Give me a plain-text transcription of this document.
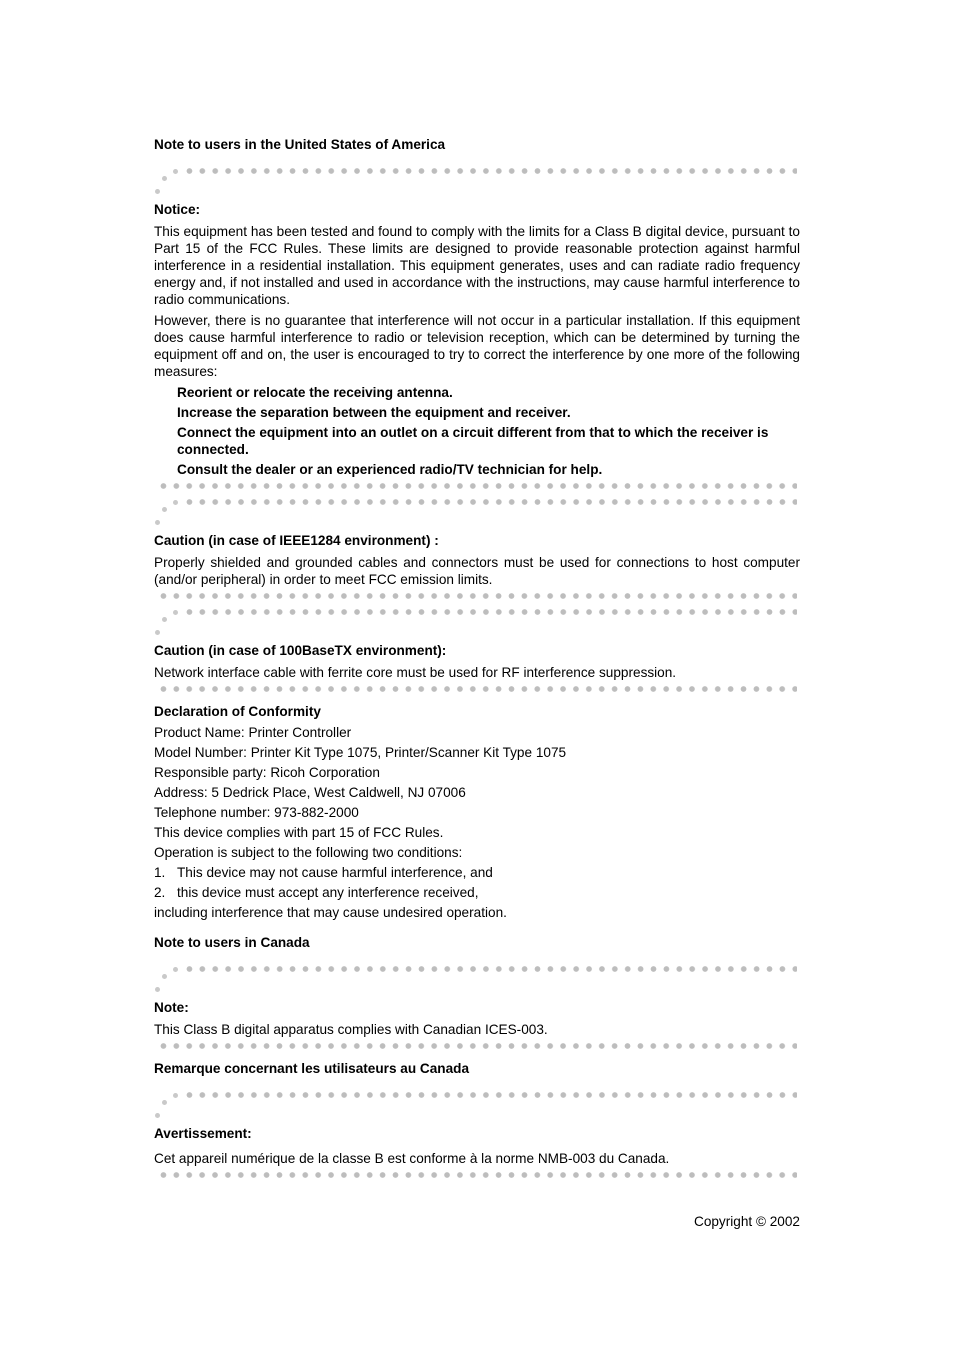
Note to users in the United States of America
Notice:

This equipment has been tested and found to comply with the limits for a Class B digital device, pursuant to Part 15 of the FCC Rules. These limits are designed to provide reasonable protection against harmful interference in a residential installation. This equipment generates, uses and can radiate radio frequency energy and, if not installed and used in accordance with the instructions, may cause harmful interference to radio communications.

However, there is no guarantee that interference will not occur in a particular installation. If this equipment does cause harmful interference to radio or television reception, which can be determined by turning the equipment off and on, the user is encouraged to try to correct the interference by one more of the following measures:

Reorient or relocate the receiving antenna.
Increase the separation between the equipment and receiver.
Connect the equipment into an outlet on a circuit different from that to which the receiver is connected.
Consult the dealer or an experienced radio/TV technician for help.
Caution (in case of IEEE1284 environment) :

Properly shielded and grounded cables and connectors must be used for connections to host computer (and/or peripheral) in order to meet FCC emission limits.

Caution (in case of 100BaseTX environment):

Network interface cable with ferrite core must be used for RF interference suppression.

Declaration of Conformity
Product Name: Printer Controller
Model Number: Printer Kit Type 1075, Printer/Scanner Kit Type 1075
Responsible party: Ricoh Corporation
Address: 5 Dedrick Place, West Caldwell, NJ 07006
Telephone number: 973-882-2000
This device complies with part 15 of FCC Rules.
Operation is subject to the following two conditions:
1. This device may not cause harmful interference, and
2. this device must accept any interference received,
including interference that may cause undesired operation.
Note to users in Canada
Note:

This Class B digital apparatus complies with Canadian ICES-003.

Remarque concernant les utilisateurs au Canada
Avertissement:

Cet appareil numérique de la classe B est conforme à la norme NMB-003 du Canada.

Copyright © 2002
